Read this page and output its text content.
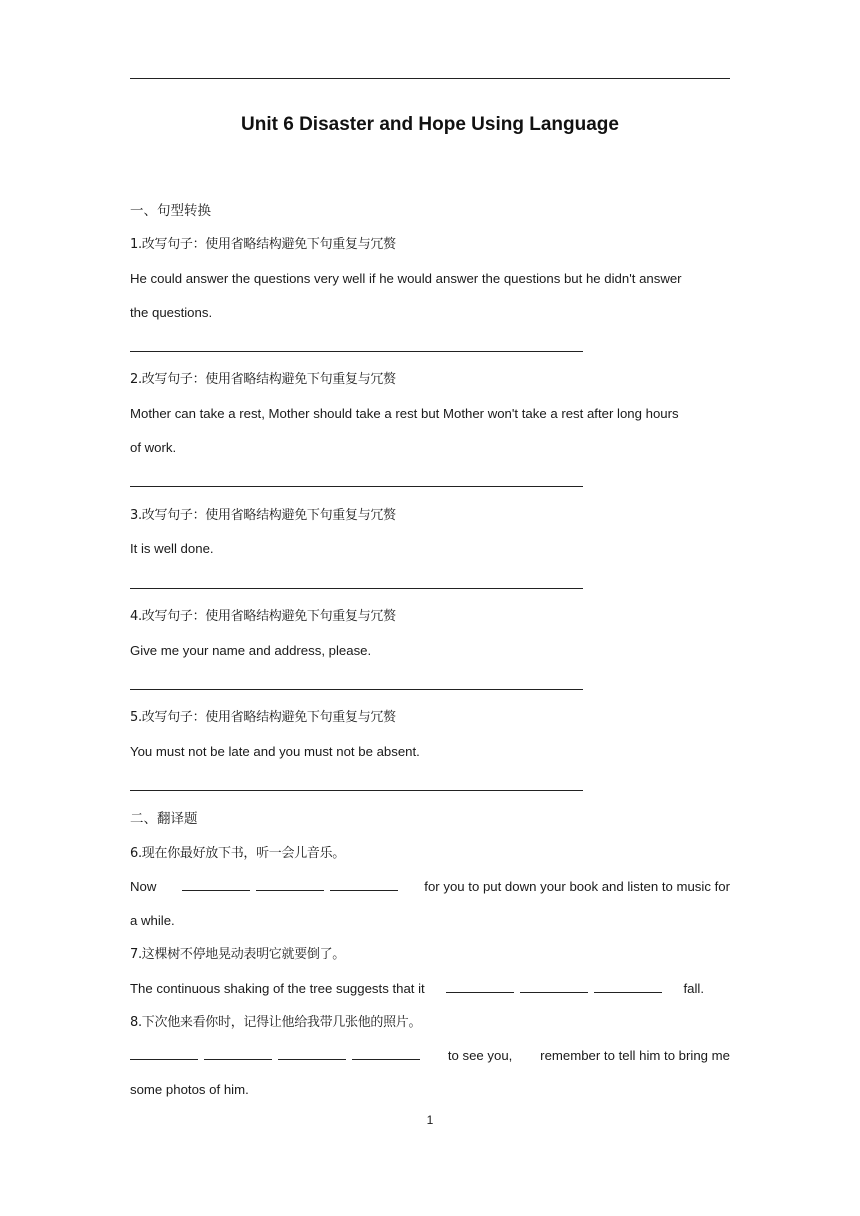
Unit 6 Disaster and Hope Using Language
一、句型转换
1.改写句子：使用省略结构避免下句重复与冗赘
He could answer the questions very well if he would answer the questions but he didn't answer
the questions.
2.改写句子：使用省略结构避免下句重复与冗赘
Mother can take a rest, Mother should take a rest but Mother won't take a rest after long hours
of work.
3.改写句子：使用省略结构避免下句重复与冗赘
It is well done.
4.改写句子：使用省略结构避免下句重复与冗赘
Give me your name and address, please.
5.改写句子：使用省略结构避免下句重复与冗赘
You must not be late and you must not be absent.
二、翻译题
6.现在你最好放下书，听一会儿音乐。
Now	for you to put down your book and listen to music for
a while.
7.这棵树不停地晃动表明它就要倒了。
The continuous shaking of the tree suggests that it	fall.
8.下次他来看你时，记得让他给我带几张他的照片。
to see you, remember to tell him to bring me
some photos of him.
1
